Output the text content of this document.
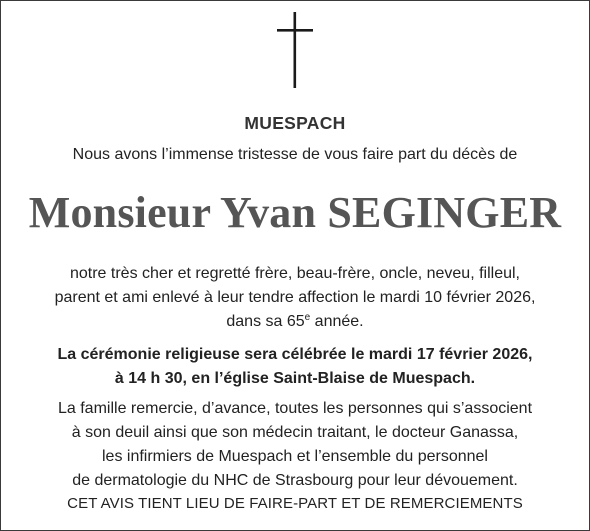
MUESPACH
Nous avons l’immense tristesse de vous faire part du décès de
Monsieur Yvan SEGINGER
notre très cher et regretté frère, beau-frère, oncle, neveu, filleul,
parent et ami enlevé à leur tendre affection le mardi 10 février 2026,
dans sa 65e année.
La cérémonie religieuse sera célébrée le mardi 17 février 2026,
à 14 h 30, en l’église Saint-Blaise de Muespach.
La famille remercie, d’avance, toutes les personnes qui s’associent
à son deuil ainsi que son médecin traitant, le docteur Ganassa,
les infirmiers de Muespach et l’ensemble du personnel
de dermatologie du NHC de Strasbourg pour leur dévouement.
CET AVIS TIENT LIEU DE FAIRE-PART ET DE REMERCIEMENTS
